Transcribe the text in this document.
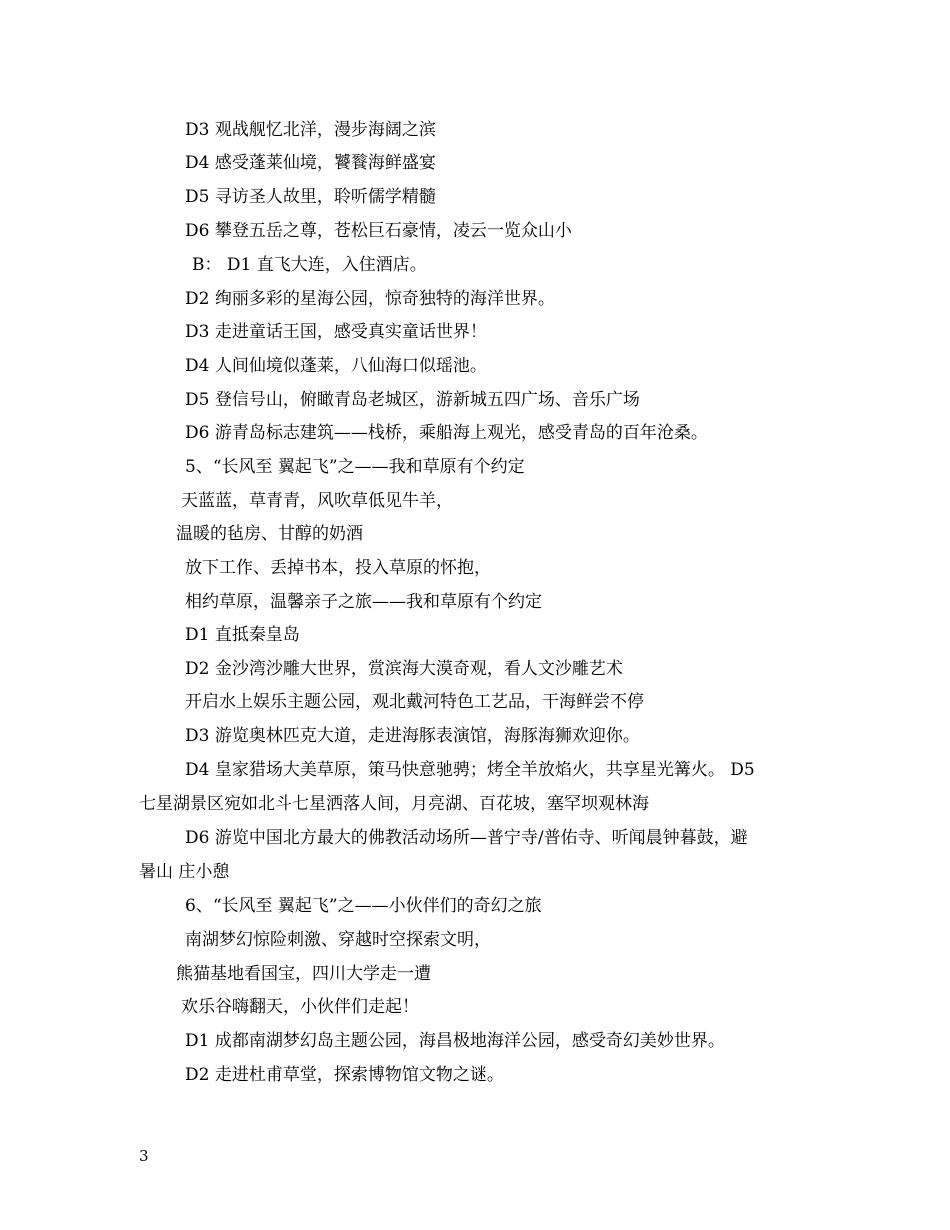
D3 观战舰忆北洋，漫步海阔之滨
D4 感受蓬莱仙境，饕餮海鲜盛宴
D5 寻访圣人故里，聆听儒学精髓
D6 攀登五岳之尊，苍松巨石豪情，凌云一览众山小
B： D1 直飞大连，入住酒店。
D2 绚丽多彩的星海公园，惊奇独特的海洋世界。
D3 走进童话王国，感受真实童话世界！
D4 人间仙境似蓬莱，八仙海口似瑶池。
D5 登信号山，俯瞰青岛老城区，游新城五四广场、音乐广场
D6 游青岛标志建筑——栈桥，乘船海上观光，感受青岛的百年沧桑。
5、“长风至 翼起飞”之——我和草原有个约定
天蓝蓝，草青青，风吹草低见牛羊，
温暖的毡房、甘醇的奶酒
放下工作、丢掉书本，投入草原的怀抱，
相约草原，温馨亲子之旅——我和草原有个约定
D1 直抵秦皇岛
D2 金沙湾沙雕大世界，赏滨海大漠奇观，看人文沙雕艺术
开启水上娱乐主题公园，观北戴河特色工艺品，干海鲜尝不停
D3 游览奥林匹克大道，走进海豚表演馆，海豚海狮欢迎你。
D4 皇家猎场大美草原，策马快意驰骋；烤全羊放焰火，共享星光篝火。 D5
七星湖景区宛如北斗七星洒落人间，月亮湖、百花坡，塞罕坝观林海
D6 游览中国北方最大的佛教活动场所—普宁寺/普佑寺、听闻晨钟暮鼓，避
暑山 庄小憩
6、“长风至 翼起飞”之——小伙伴们的奇幻之旅
南湖梦幻惊险刺激、穿越时空探索文明，
熊猫基地看国宝，四川大学走一遭
欢乐谷嗨翻天，小伙伴们走起！
D1 成都南湖梦幻岛主题公园，海昌极地海洋公园，感受奇幻美妙世界。
D2 走进杜甫草堂，探索博物馆文物之谜。
3
